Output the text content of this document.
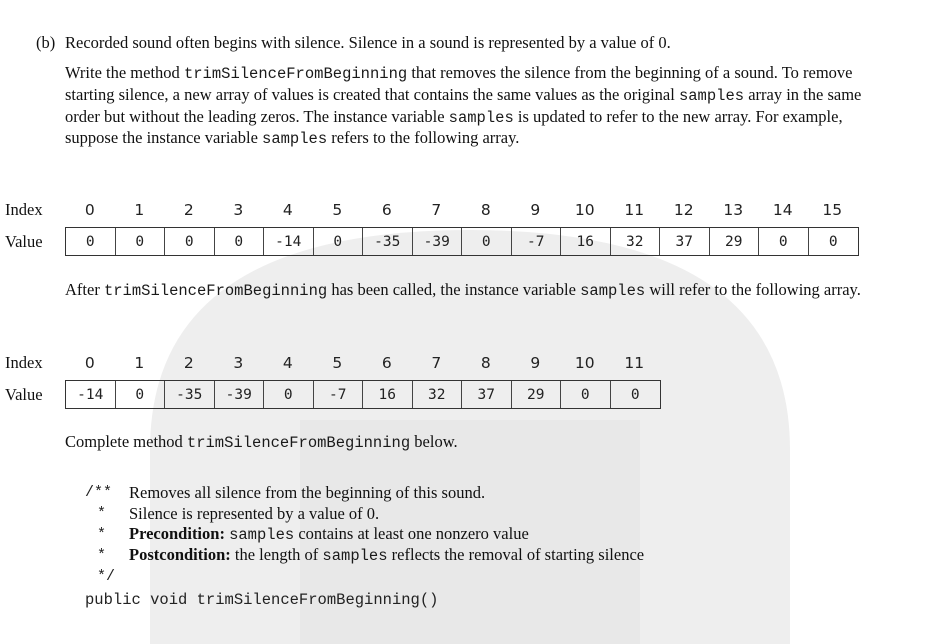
(b) Recorded sound often begins with silence. Silence in a sound is represented by a value of 0.
Write the method trimSilenceFromBeginning that removes the silence from the beginning of a sound. To remove starting silence, a new array of values is created that contains the same values as the original samples array in the same order but without the leading zeros. The instance variable samples is updated to refer to the new array. For example, suppose the instance variable samples refers to the following array.
Index	0	1	2	3	4	5	6	7	8	9	10	11	12	13	14	15
Value	0	0	0	0	-14	0	-35	-39	0	-7	16	32	37	29	0	0
After trimSilenceFromBeginning has been called, the instance variable samples will refer to the following array.
Index	0	1	2	3	4	5	6	7	8	9	10	11
Value	-14	0	-35	-39	0	-7	16	32	37	29	0	0
Complete method trimSilenceFromBeginning below.
/**	Removes all silence from the beginning of this sound.
*	Silence is represented by a value of 0.
*	Precondition: samples contains at least one nonzero value
*	Postcondition: the length of samples reflects the removal of starting silence
*/
public void trimSilenceFromBeginning()
